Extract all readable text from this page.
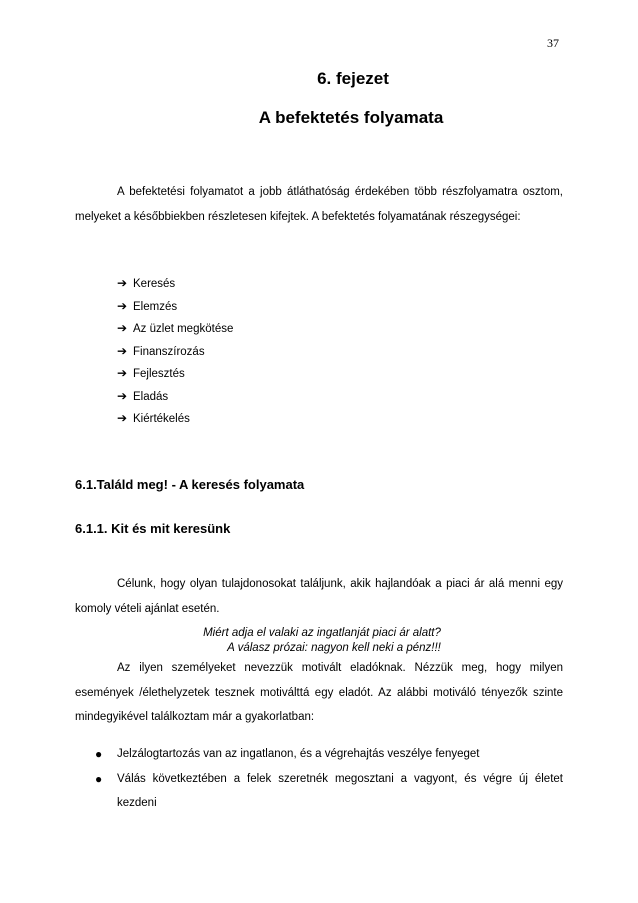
37
6. fejezet
A befektetés folyamata
A befektetési folyamatot a jobb átláthatóság érdekében több részfolyamatra osztom, melyeket a későbbiekben részletesen kifejtek. A befektetés folyamatának részegységei:
➔ Keresés
➔ Elemzés
➔ Az üzlet megkötése
➔ Finanszírozás
➔ Fejlesztés
➔ Eladás
➔ Kiértékelés
6.1.Találd meg! - A keresés folyamata
6.1.1. Kit és mit keresünk
Célunk, hogy olyan tulajdonosokat találjunk, akik hajlandóak a piaci ár alá menni egy komoly vételi ajánlat esetén.
Miért adja el valaki az ingatlanját piaci ár alatt?
A válasz prózai: nagyon kell neki a pénz!!!
Az ilyen személyeket nevezzük motivált eladóknak. Nézzük meg, hogy milyen események /élethelyzetek tesznek motiválttá egy eladót. Az alábbi motiváló tényezők szinte mindegyikével találkoztam már a gyakorlatban:
● Jelzálogtartozás van az ingatlanon, és a végrehajtás veszélye fenyeget
● Válás következtében a felek szeretnék megosztani a vagyont, és végre új életet kezdeni
